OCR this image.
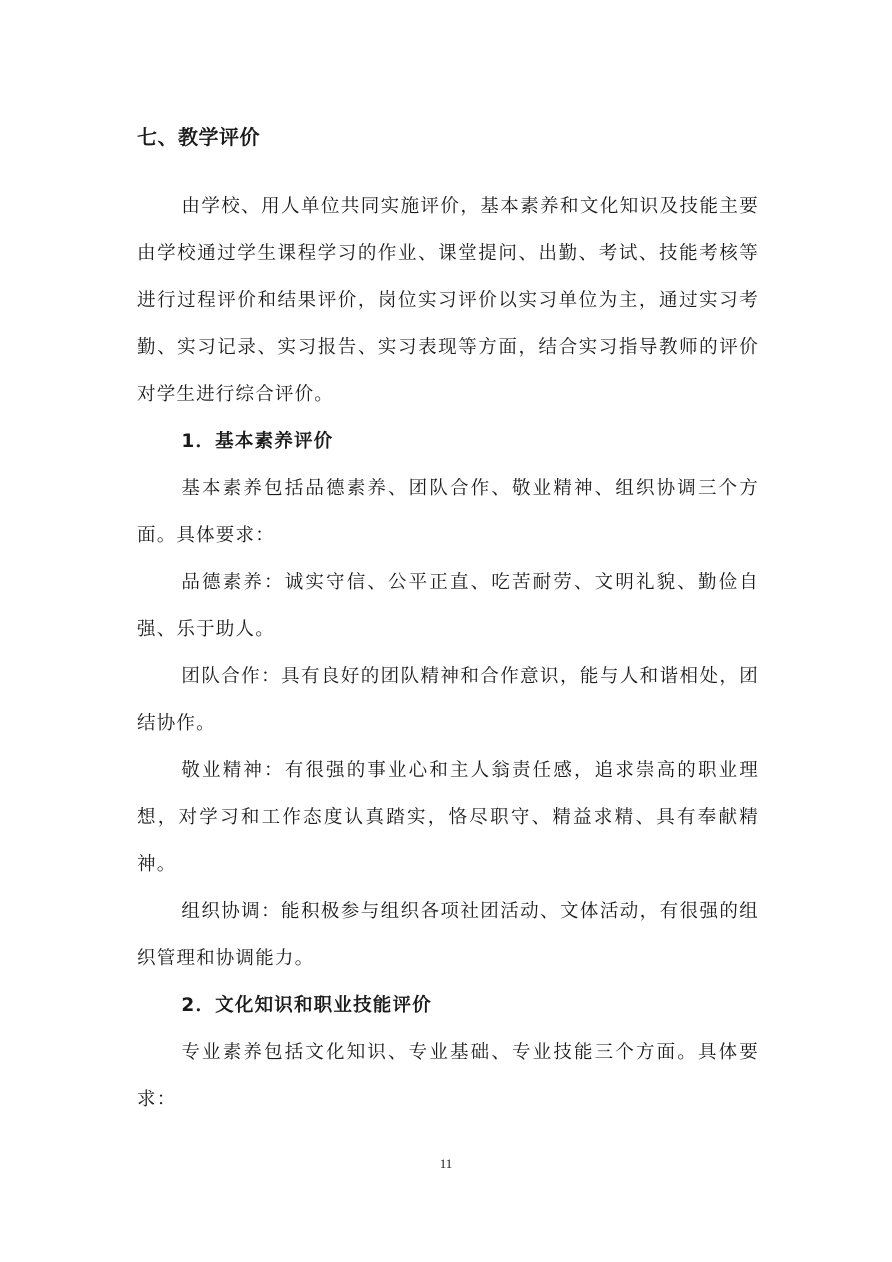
七、教学评价

由学校、用人单位共同实施评价，基本素养和文化知识及技能主要由学校通过学生课程学习的作业、课堂提问、出勤、考试、技能考核等进行过程评价和结果评价，岗位实习评价以实习单位为主，通过实习考勤、实习记录、实习报告、实习表现等方面，结合实习指导教师的评价对学生进行综合评价。

1．基本素养评价

基本素养包括品德素养、团队合作、敬业精神、组织协调三个方面。具体要求：

品德素养：诚实守信、公平正直、吃苦耐劳、文明礼貌、勤俭自强、乐于助人。

团队合作：具有良好的团队精神和合作意识，能与人和谐相处，团结协作。

敬业精神：有很强的事业心和主人翁责任感，追求崇高的职业理想，对学习和工作态度认真踏实，恪尽职守、精益求精、具有奉献精神。

组织协调：能积极参与组织各项社团活动、文体活动，有很强的组织管理和协调能力。

2．文化知识和职业技能评价

专业素养包括文化知识、专业基础、专业技能三个方面。具体要求：

11
